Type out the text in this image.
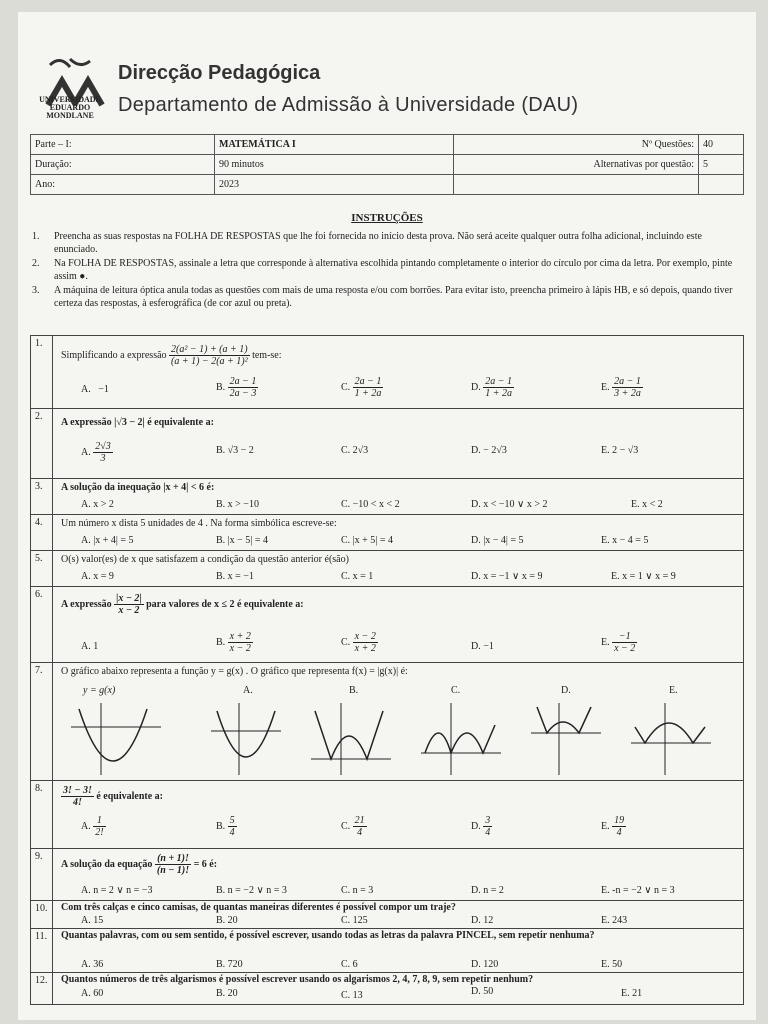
UNIVERSIDADE
EDUARDO
MONDLANE
Direcção Pedagógica
Departamento de Admissão à Universidade (DAU)
Parte – I:	MATEMÁTICA I	Nº Questões:	40
Duração:	90 minutos	Alternativas por questão:	5
Ano:	2023		
INSTRUÇÕES
1.	Preencha as suas respostas na FOLHA DE RESPOSTAS que lhe foi fornecida no início desta prova. Não será aceite qualquer outra folha adicional, incluindo este enunciado.
2.	Na FOLHA DE RESPOSTAS, assinale a letra que corresponde à alternativa escolhida pintando completamente o interior do círculo por cima da letra. Por exemplo, pinte assim ●.
3.	A máquina de leitura óptica anula todas as questões com mais de uma resposta e/ou com borrões. Para evitar isto, preencha primeiro à lápis HB, e só depois, quando tiver certeza das respostas, à esferográfica (de cor azul ou preta).
1.
Simplificando a expressão $\frac{\text{2(a² − 1) + (a + 1)}}{\text{(a + 1) − 2(a + 1)²}} tem-se$:
A. −1	B. $\frac{2a - 1}{2a - 3}$	C. $\frac{2a - 1}{1 + 2a}$	D. $\frac{2a - 1}{1 + 2a}$	E. $\frac{2a - 1}{3 + 2a}$
2.
A expressão |√3 − 2| é equivalente a:
A. $\frac{2√3}{3}$	B. √3 − 2	C. 2√3	D. − 2√3	E. 2 − √3
3.	A solução da inequação |x + 4| < 6 é:
A. x > 2	B. x > −10	C. −10 < x < 2	D. x < −10 ∨ x > 2	E. x < 2
4.	Um número x dista 5 unidades de 4 . Na forma simbólica escreve-se:
A. |x + 4| = 5	B. |x − 5| = 4	C. |x + 5| = 4	D. |x − 4| = 5	E. x − 4 = 5
5.	O(s) valor(es) de x que satisfazem a condição da questão anterior é(são)
A. x = 9	B. x = −1	C. x = 1	D. x = −1 ∨ x = 9	E. x = 1 ∨ x = 9
6.
A expressão $\frac{|x - 2|}{x - 2}$ para valores de x ≤ 2 é equivalente a:
A. 1	B. $\frac{x + 2}{x - 2}$	C. $\frac{x - 2}{x + 2}$	D. −1	E. $\frac{-1}{x - 2}$
7.	O gráfico abaixo representa a função y = g(x) . O gráfico que representa f(x) = |g(x)| é:
y = g(x)	A.	B.	C.	D.	E.
8.	$\frac{3! - 3!}{4!}$ é equivalente a:
A. $\frac{1}{2!}$	B. $\frac{5}{4}$	C. $\frac{21}{4}$	D. $\frac{3}{4}$	E. $\frac{19}{4}$
9.
A solução da equação $\frac{(n + 1)!}{(n - 1)!} = 6$ é:
A. n = 2 ∨ n = −3	B. n = −2 ∨ n = 3	C. n = 3	D. n = 2	E. -n = −2 ∨ n = 3
10.	Com três calças e cinco camisas, de quantas maneiras diferentes é possível compor um traje?
A. 15	B. 20	C. 125	D. 12	E. 243
11.	Quantas palavras, com ou sem sentido, é possível escrever, usando todas as letras da palavra PINCEL, sem repetir nenhuma?
A. 36	B. 720	C. 6	D. 120	E. 50
12.	Quantos números de três algarismos é possível escrever usando os algarismos 2, 4, 7, 8, 9, sem repetir nenhum?
A. 60	B. 20	C. 13	D. 50	E. 21
